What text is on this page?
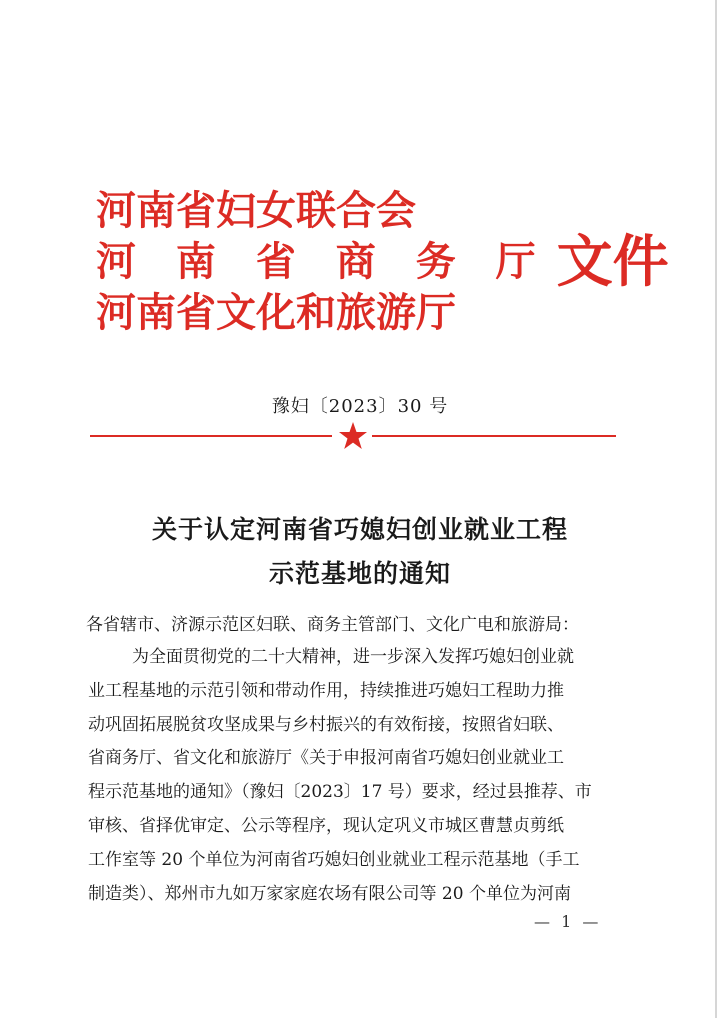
河南省妇女联合会
河 南 省 商 务 厅
河南省文化和旅游厅
文件
豫妇〔2023〕30 号
关于认定河南省巧媳妇创业就业工程
示范基地的通知
各省辖市、济源示范区妇联、商务主管部门、文化广电和旅游局：
为全面贯彻党的二十大精神，进一步深入发挥巧媳妇创业就
业工程基地的示范引领和带动作用，持续推进巧媳妇工程助力推
动巩固拓展脱贫攻坚成果与乡村振兴的有效衔接，按照省妇联、
省商务厅、省文化和旅游厅《关于申报河南省巧媳妇创业就业工
程示范基地的通知》（豫妇〔2023〕17 号）要求，经过县推荐、市
审核、省择优审定、公示等程序，现认定巩义市城区曹慧贞剪纸
工作室等 20 个单位为河南省巧媳妇创业就业工程示范基地（手工
制造类）、郑州市九如万家家庭农场有限公司等 20 个单位为河南
— 1 —
